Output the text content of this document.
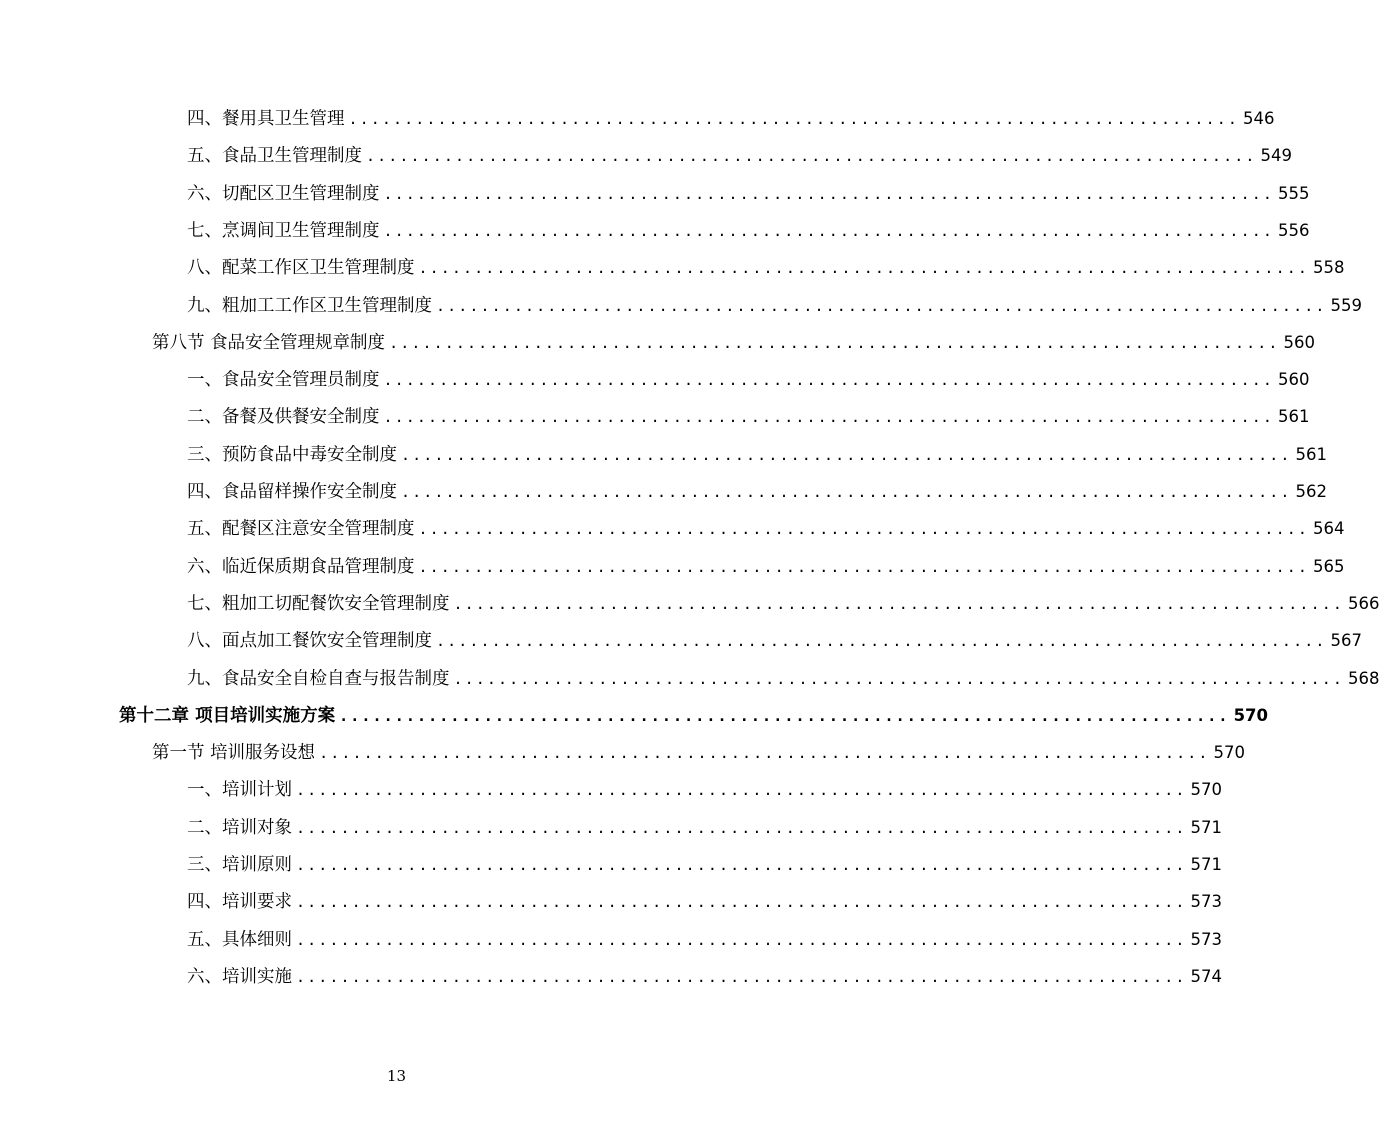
四、餐用具卫生管理 ................................................................................ 546
五、食品卫生管理制度 ................................................................................ 549
六、切配区卫生管理制度 ................................................................................ 555
七、烹调间卫生管理制度 ................................................................................ 556
八、配菜工作区卫生管理制度 ................................................................................ 558
九、粗加工工作区卫生管理制度 ................................................................................ 559
第八节 食品安全管理规章制度 ................................................................................ 560
一、食品安全管理员制度 ................................................................................ 560
二、备餐及供餐安全制度 ................................................................................ 561
三、预防食品中毒安全制度 ................................................................................ 561
四、食品留样操作安全制度 ................................................................................ 562
五、配餐区注意安全管理制度 ................................................................................ 564
六、临近保质期食品管理制度 ................................................................................ 565
七、粗加工切配餐饮安全管理制度 ................................................................................ 566
八、面点加工餐饮安全管理制度 ................................................................................ 567
九、食品安全自检自查与报告制度 ................................................................................ 568
第十二章 项目培训实施方案 ................................................................................ 570
第一节 培训服务设想 ................................................................................ 570
一、培训计划 ................................................................................ 570
二、培训对象 ................................................................................ 571
三、培训原则 ................................................................................ 571
四、培训要求 ................................................................................ 573
五、具体细则 ................................................................................ 573
六、培训实施 ................................................................................ 574
13
